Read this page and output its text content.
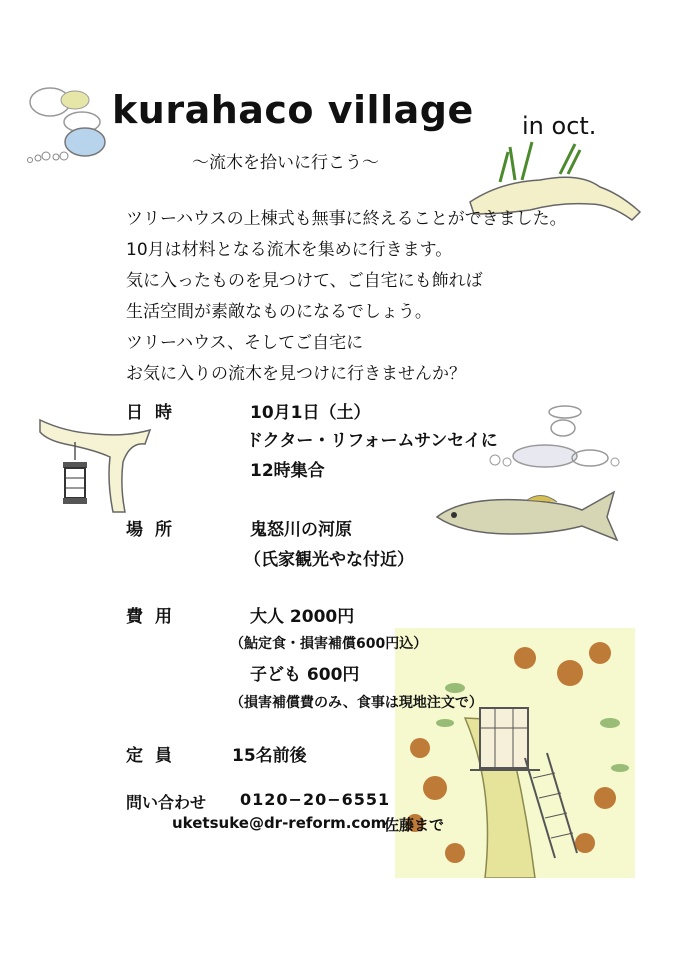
kurahaco village in oct.
〜流木を拾いに行こう〜
ツリーハウスの上棟式も無事に終えることができました。
10月は材料となる流木を集めに行きます。
気に入ったものを見つけて、ご自宅にも飾れば
生活空間が素敵なものになるでしょう。
ツリーハウス、そしてご自宅に
お気に入りの流木を見つけに行きませんか？
日時	10月1日（土）
ドクター・リフォームサンセイに
12時集合
場所	鬼怒川の河原
（氏家観光やな付近）
費用	大人 2000円
（鮎定食・損害補償600円込）
子ども 600円
（損害補償費のみ、食事は現地注文で）
定員	15名前後
問い合わせ 0120−20−6551
uketsuke@dr-reform.com
佐藤まで
